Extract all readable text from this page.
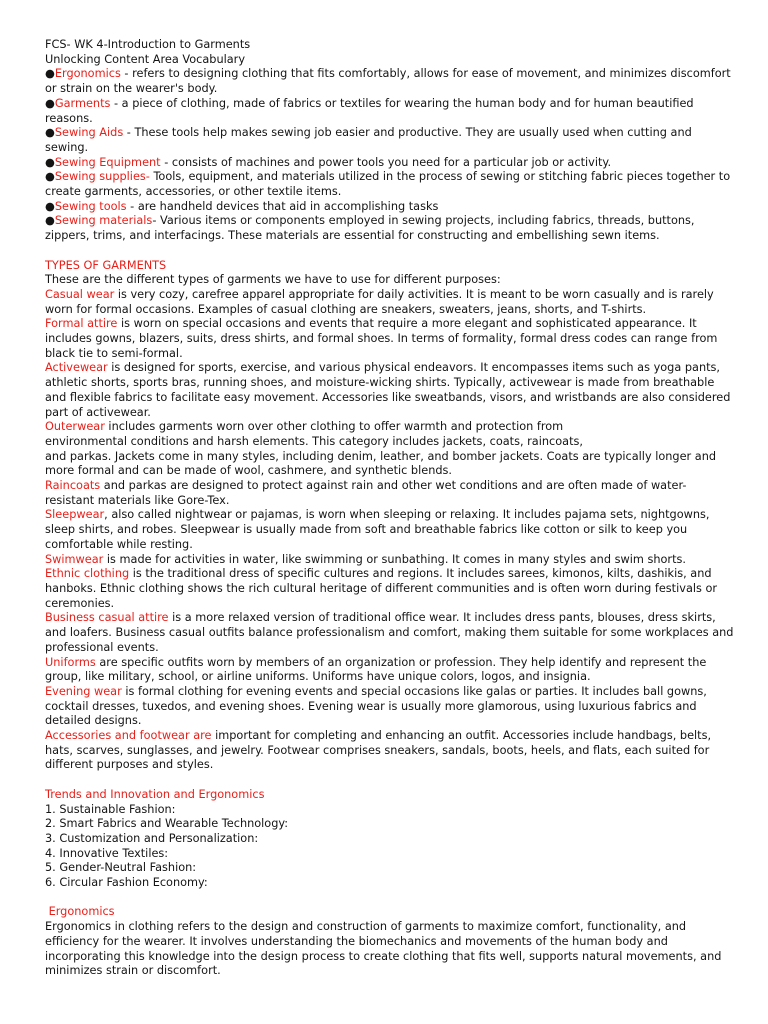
FCS- WK 4-Introduction to Garments
Unlocking Content Area Vocabulary
● Ergonomics - refers to designing clothing that fits comfortably, allows for ease of movement, and minimizes discomfort or strain on the wearer's body.
● Garments - a piece of clothing, made of fabrics or textiles for wearing the human body and for human beautified reasons.
● Sewing Aids - These tools help makes sewing job easier and productive. They are usually used when cutting and sewing.
● Sewing Equipment - consists of machines and power tools you need for a particular job or activity.
● Sewing supplies- Tools, equipment, and materials utilized in the process of sewing or stitching fabric pieces together to create garments, accessories, or other textile items.
● Sewing tools - are handheld devices that aid in accomplishing tasks
● Sewing materials- Various items or components employed in sewing projects, including fabrics, threads, buttons, zippers, trims, and interfacings. These materials are essential for constructing and embellishing sewn items.
TYPES OF GARMENTS
These are the different types of garments we have to use for different purposes:
Casual wear is very cozy, carefree apparel appropriate for daily activities. It is meant to be worn casually and is rarely worn for formal occasions. Examples of casual clothing are sneakers, sweaters, jeans, shorts, and T-shirts.
Formal attire is worn on special occasions and events that require a more elegant and sophisticated appearance. It includes gowns, blazers, suits, dress shirts, and formal shoes. In terms of formality, formal dress codes can range from black tie to semi-formal.
Activewear is designed for sports, exercise, and various physical endeavors. It encompasses items such as yoga pants, athletic shorts, sports bras, running shoes, and moisture-wicking shirts. Typically, activewear is made from breathable and flexible fabrics to facilitate easy movement. Accessories like sweatbands, visors, and wristbands are also considered part of activewear.
Outerwear includes garments worn over other clothing to offer warmth and protection from
environmental conditions and harsh elements. This category includes jackets, coats, raincoats,
and parkas. Jackets come in many styles, including denim, leather, and bomber jackets. Coats are typically longer and more formal and can be made of wool, cashmere, and synthetic blends.
Raincoats and parkas are designed to protect against rain and other wet conditions and are often made of water-resistant materials like Gore-Tex.
Sleepwear, also called nightwear or pajamas, is worn when sleeping or relaxing. It includes pajama sets, nightgowns, sleep shirts, and robes. Sleepwear is usually made from soft and breathable fabrics like cotton or silk to keep you comfortable while resting.
Swimwear is made for activities in water, like swimming or sunbathing. It comes in many styles and swim shorts.
Ethnic clothing is the traditional dress of specific cultures and regions. It includes sarees, kimonos, kilts, dashikis, and hanboks. Ethnic clothing shows the rich cultural heritage of different communities and is often worn during festivals or ceremonies.
Business casual attire is a more relaxed version of traditional office wear. It includes dress pants, blouses, dress skirts, and loafers. Business casual outfits balance professionalism and comfort, making them suitable for some workplaces and professional events.
Uniforms are specific outfits worn by members of an organization or profession. They help identify and represent the group, like military, school, or airline uniforms. Uniforms have unique colors, logos, and insignia.
Evening wear is formal clothing for evening events and special occasions like galas or parties. It includes ball gowns, cocktail dresses, tuxedos, and evening shoes. Evening wear is usually more glamorous, using luxurious fabrics and detailed designs.
Accessories and footwear are important for completing and enhancing an outfit. Accessories include handbags, belts, hats, scarves, sunglasses, and jewelry. Footwear comprises sneakers, sandals, boots, heels, and flats, each suited for different purposes and styles.
Trends and Innovation and Ergonomics
1. Sustainable Fashion:
2. Smart Fabrics and Wearable Technology:
3. Customization and Personalization:
4. Innovative Textiles:
5. Gender-Neutral Fashion:
6. Circular Fashion Economy:
Ergonomics
Ergonomics in clothing refers to the design and construction of garments to maximize comfort, functionality, and efficiency for the wearer. It involves understanding the biomechanics and movements of the human body and incorporating this knowledge into the design process to create clothing that fits well, supports natural movements, and minimizes strain or discomfort.
